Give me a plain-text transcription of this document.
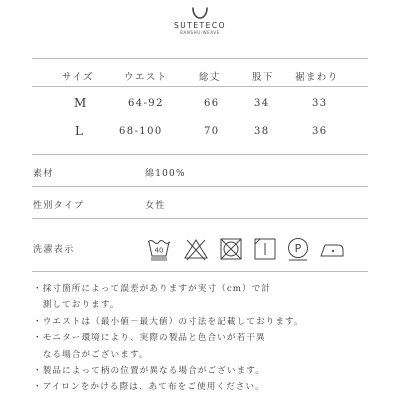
SUTETECO
BANSHU-WEAVE
サイズ	ウエスト	総丈	股下 裾まわり
M	64-92	66	34	33
L	68-100	70	38	36
素材	綿100%
性別タイプ	女性
洗濯表示	40	P
・採寸箇所によって誤差がありますが実寸（cm）で計
　測しております。
・ウエストは（最小値－最大値）の寸法を記載しております。
・モニター環境により、実際の製品と色合いが若干異
　なる場合がございます。
・製品によって柄の位置が異なる場合がございます。
・アイロンをかける際は、あて布をご使用ください。
